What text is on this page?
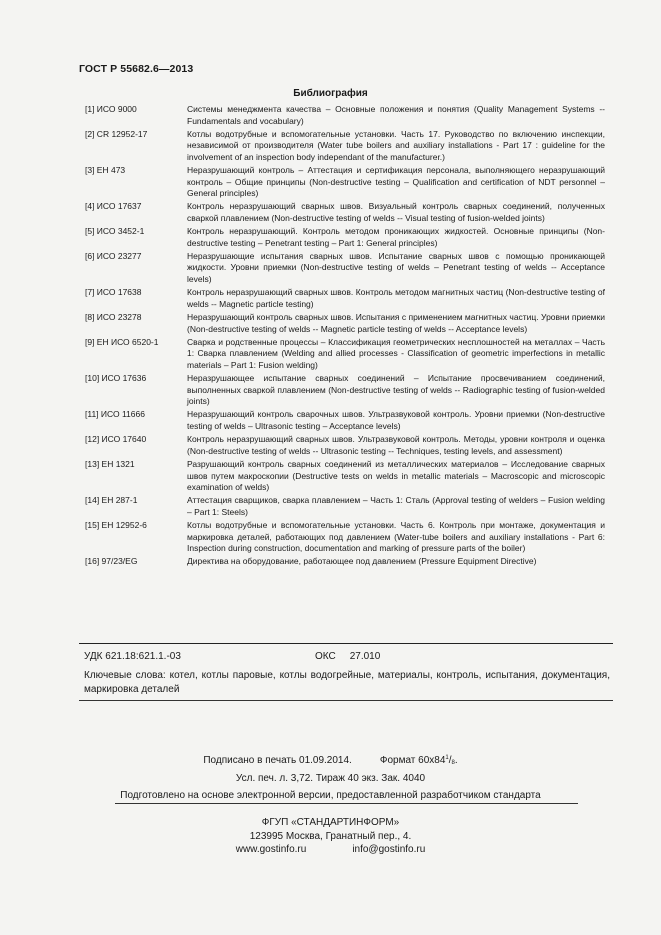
ГОСТ Р 55682.6—2013
Библиография
[1] ИСО 9000	Системы менеджмента качества – Основные положения и понятия (Quality Management Systems -- Fundamentals and vocabulary)
[2] CR 12952-17	Котлы водотрубные и вспомогательные установки. Часть 17. Руководство по включению инспекции, независимой от производителя (Water tube boilers and auxiliary installations - Part 17 : guideline for the involvement of an inspection body independant of the manufacturer.)
[3] ЕН 473	Неразрушающий контроль – Аттестация и сертификация персонала, выполняющего неразрушающий контроль – Общие принципы (Non-destructive testing – Qualification and certification of NDT personnel – General principles)
[4] ИСО 17637	Контроль неразрушающий сварных швов. Визуальный контроль сварных соединений, полученных сваркой плавлением (Non-destructive testing of welds -- Visual testing of fusion-welded joints)
[5] ИСО 3452-1	Контроль неразрушающий. Контроль методом проникающих жидкостей. Основные принципы (Non-destructive testing – Penetrant testing – Part 1: General principles)
[6] ИСО 23277	Неразрушающие испытания сварных швов. Испытание сварных швов с помощью проникающей жидкости. Уровни приемки (Non-destructive testing of welds – Penetrant testing of welds -- Acceptance levels)
[7] ИСО 17638	Контроль неразрушающий сварных швов. Контроль методом магнитных частиц (Non-destructive testing of welds -- Magnetic particle testing)
[8] ИСО 23278	Неразрушающий контроль сварных швов. Испытания с применением магнитных частиц. Уровни приемки (Non-destructive testing of welds -- Magnetic particle testing of welds -- Acceptance levels)
[9] ЕН ИСО 6520-1	Сварка и родственные процессы – Классификация геометрических несплошностей на металлах – Часть 1: Сварка плавлением (Welding and allied processes - Classification of geometric imperfections in metallic materials – Part 1: Fusion welding)
[10] ИСО 17636	Неразрушающее испытание сварных соединений – Испытание просвечиванием соединений, выполненных сваркой плавлением (Non-destructive testing of welds -- Radiographic testing of fusion-welded joints)
[11] ИСО 11666	Неразрушающий контроль сварочных швов. Ультразвуковой контроль. Уровни приемки (Non-destructive testing of welds – Ultrasonic testing – Acceptance levels)
[12] ИСО 17640	Контроль неразрушающий сварных швов. Ультразвуковой контроль. Методы, уровни контроля и оценка (Non-destructive testing of welds -- Ultrasonic testing -- Techniques, testing levels, and assessment)
[13] ЕН 1321	Разрушающий контроль сварных соединений из металлических материалов – Исследование сварных швов путем макроскопии (Destructive tests on welds in metallic materials – Macroscopic and microscopic examination of welds)
[14] ЕН 287-1	Аттестация сварщиков, сварка плавлением – Часть 1: Сталь (Approval testing of welders – Fusion welding – Part 1: Steels)
[15] ЕН 12952-6	Котлы водотрубные и вспомогательные установки. Часть 6. Контроль при монтаже, документация и маркировка деталей, работающих под давлением (Water-tube boilers and auxiliary installations - Part 6: Inspection during construction, documentation and marking of pressure parts of the boiler)
[16] 97/23/EG	Директива на оборудование, работающее под давлением (Pressure Equipment Directive)
УДК 621.18:621.1.-03	ОКС 27.010
Ключевые слова: котел, котлы паровые, котлы водогрейные, материалы, контроль, испытания, документация, маркировка деталей
Подписано в печать 01.09.2014.	Формат $60х84^1/_8$.
Усл. печ. л. 3,72. Тираж 40 экз. Зак. 4040
Подготовлено на основе электронной версии, предоставленной разработчиком стандарта
ФГУП «СТАНДАРТИНФОРМ»
123995 Москва, Гранатный пер., 4.
www.gostinfo.ru	info@gostinfo.ru
